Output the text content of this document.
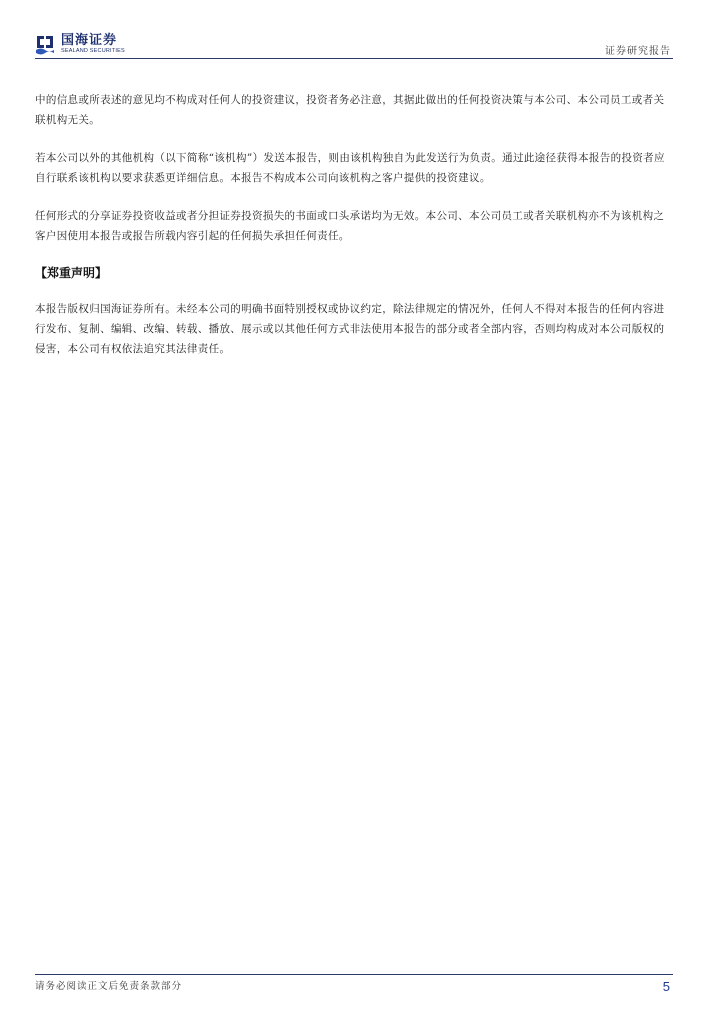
国海证券
SEALAND SECURITIES	证券研究报告

中的信息或所表述的意见均不构成对任何人的投资建议，投资者务必注意，其据此做出的任何投资决策与本公司、本公司员工或者关联机构无关。

若本公司以外的其他机构（以下简称“该机构”）发送本报告，则由该机构独自为此发送行为负责。通过此途径获得本报告的投资者应自行联系该机构以要求获悉更详细信息。本报告不构成本公司向该机构之客户提供的投资建议。

任何形式的分享证券投资收益或者分担证券投资损失的书面或口头承诺均为无效。本公司、本公司员工或者关联机构亦不为该机构之客户因使用本报告或报告所载内容引起的任何损失承担任何责任。

【郑重声明】

本报告版权归国海证券所有。未经本公司的明确书面特别授权或协议约定，除法律规定的情况外，任何人不得对本报告的任何内容进行发布、复制、编辑、改编、转载、播放、展示或以其他任何方式非法使用本报告的部分或者全部内容，否则均构成对本公司版权的侵害，本公司有权依法追究其法律责任。

请务必阅读正文后免责条款部分	5
